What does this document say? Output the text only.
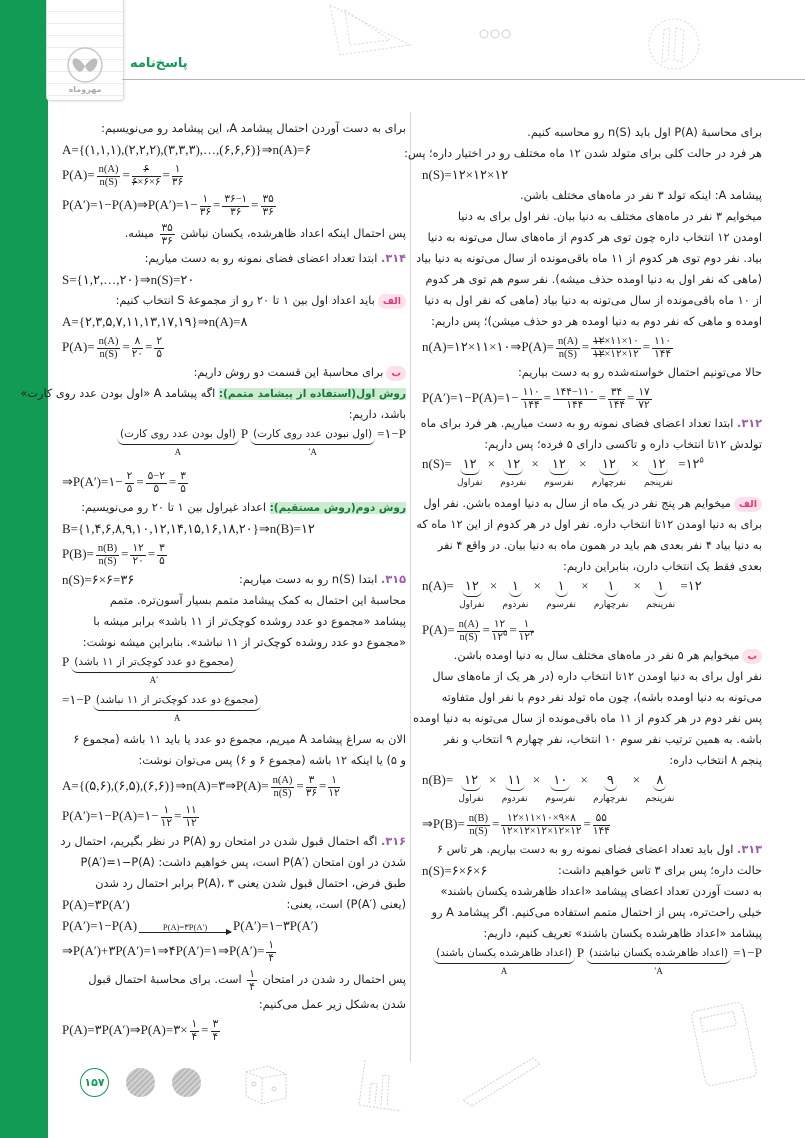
مهروماه
پاسخ‌نامه
برای محاسبهٔ P(A) اول باید n(S) رو محاسبه کنیم.
هر فرد در حالت کلی برای متولد شدن ۱۲ ماه مختلف رو در اختیار داره؛ پس:
n(S)=۱۲×۱۲×۱۲
پیشامد A: اینکه تولد ۳ نفر در ماه‌های مختلف باشن.
میخوایم ۳ نفر در ماه‌های مختلف به دنیا بیان. نفر اول برای به دنیا
اومدن ۱۲ انتخاب داره چون توی هر کدوم از ماه‌های سال می‌تونه به دنیا
بیاد. نفر دوم توی هر کدوم از ۱۱ ماه باقی‌مونده از سال می‌تونه به دنیا بیاد
(ماهی که نفر اول به دنیا اومده حذف میشه). نفر سوم هم توی هر کدوم
از ۱۰ ماه باقی‌مونده از سال می‌تونه به دنیا بیاد (ماهی که نفر اول به دنیا
اومده و ماهی که نفر دوم به دنیا اومده هر دو حذف میشن)؛ پس داریم:
n(A)=۱۲×۱۱×۱۰⇒P(A)= $\frac{n(A)}{n(S)} = \frac{۱۲\times ۱۱\times ۱۰}{۱۲\times ۱۲\times ۱۲} = \frac{۱۱۰}{۱۴۴}$
حالا می‌تونیم احتمال خواسته‌شده رو به دست بیاریم:
P(A′)=۱−P(A)=۱− $\frac{۱۱۰}{۱۴۴} = \frac{۱۴۴-۱۱۰}{۱۴۴} = \frac{۳۴}{۱۴۴} = \frac{۱۷}{۷۲}$
۳۱۲. ابتدا تعداد اعضای فضای نمونه رو به دست میاریم. هر فرد برای ماه
تولدش ۱۲تا انتخاب داره و تاکسی دارای ۵ فرده؛ پس داریم:
n(S)= ۱۲
نفراول
× ۱۲
نفردوم
× ۱۲
نفرسوم
× ۱۲
نفرچهارم
× ۱۲
نفرپنجم
$=۱۲^۵$
الفمیخوایم هر پنج نفر در یک ماه از سال به دنیا اومده باشن. نفر اول
برای به دنیا اومدن ۱۲تا انتخاب داره. نفر اول در هر کدوم از این ۱۲ ماه که
به دنیا بیاد ۴ نفر بعدی هم باید در همون ماه به دنیا بیان. در واقع ۴ نفر
بعدی فقط یک انتخاب دارن، بنابراین داریم:
n(A)= ۱۲
نفراول
× ۱
نفردوم
× ۱
نفرسوم
× ۱
نفرچهارم
× ۱
نفرپنجم
=۱۲
$P(A)= \frac{n(A)}{n(S)} = \frac{۱۲}{۱۲^۵} = \frac{۱}{۱۲^۴}$
بمیخوایم هر ۵ نفر در ماه‌های مختلف سال به دنیا اومده باشن.
نفر اول برای به دنیا اومدن ۱۲تا انتخاب داره (در هر یک از ماه‌های سال
می‌تونه به دنیا اومده باشه)، چون ماه تولد نفر دوم با نفر اول متفاوته
پس نفر دوم در هر کدوم از ۱۱ ماه باقی‌مونده از سال می‌تونه به دنیا اومده
باشه. به همین ترتیب نفر سوم ۱۰ انتخاب، نفر چهارم ۹ انتخاب و نفر
پنجم ۸ انتخاب داره:
n(B)= ۱۲
نفراول
× ۱۱
نفردوم
× ۱۰
نفرسوم
× ۹
نفرچهارم
× ۸
نفرپنجم
⇒P(B)= $\frac{n(B)}{n(S)} = \frac{۱۲\times ۱۱\times ۱۰\times ۹\times ۸}{۱۲\times ۱۲\times ۱۲\times ۱۲\times ۱۲} = \frac{۵۵}{۱۴۴}$
۳۱۳. اول باید تعداد اعضای فضای نمونه رو به دست بیاریم. هر تاس ۶
حالت داره؛ پس برای ۳ تاس خواهیم داشت:
n(S)=۶×۶×۶
به دست آوردن تعداد اعضای پیشامد «اعداد ظاهرشده یکسان باشند»
خیلی راحت‌تره، پس از احتمال متمم استفاده می‌کنیم. اگر پیشامد A رو
پیشامد «اعداد ظاهرشده یکسان باشند» تعریف کنیم، داریم:
P (اعداد ظاهرشده یکسان نباشند)
A′
=۱−P
(اعداد ظاهرشده یکسان باشند)
A
برای به دست آوردن احتمال پیشامد A، این پیشامد رو می‌نویسیم:
A={(۱,۱,۱),(۲,۲,۲),(۳,۳,۳),…,(۶,۶,۶)}⇒n(A)=۶
$P(A)= \frac{n(A)}{n(S)} = \frac{۶}{۶\times ۶\times ۶} = \frac{۱}{۳۶}$
P(A′)=۱−P(A)⇒P(A′)=۱− $\frac{۱}{۳۶} = \frac{۳۶-۱}{۳۶} = \frac{۳۵}{۳۶}$
پس احتمال اینکه اعداد ظاهرشده، یکسان نباشن
$\frac{۳۵}{۳۶}$
میشه.
۳۱۴. ابتدا تعداد اعضای فضای نمونه رو به دست میاریم:
S={۱,۲,…,۲۰}⇒n(S)=۲۰
الفباید اعداد اول بین ۱ تا ۲۰ رو از مجموعهٔ S انتخاب کنیم:
A={۲,۳,۵,۷,۱۱,۱۳,۱۷,۱۹}⇒n(A)=۸
$P(A)= \frac{n(A)}{n(S)} = \frac{۸}{۲۰} = \frac{۲}{۵}$
ببرای محاسبهٔ این قسمت دو روش داریم:
روش اول(استفاده از پیشامد متمم): اگه پیشامد A «اول بودن عدد روی کارت»
باشد، داریم:
P (اول نبودن عدد روی کارت)
A′
=۱−P
(اول بودن عدد روی کارت)
A
⇒P(A′)=۱− $\frac{۲}{۵} = \frac{۵-۲}{۵} = \frac{۳}{۵}$
روش دوم(روش مستقیم): اعداد غیراول بین ۱ تا ۲۰ رو می‌نویسیم:
B={۱,۴,۶,۸,۹,۱۰,۱۲,۱۴,۱۵,۱۶,۱۸,۲۰}⇒n(B)=۱۲
$P(B)= \frac{n(B)}{n(S)} = \frac{۱۲}{۲۰} = \frac{۳}{۵}$
۳۱۵. ابتدا n(S) رو به دست میاریم:
n(S)=۶×۶=۳۶
محاسبهٔ این احتمال به کمک پیشامد متمم بسیار آسون‌تره. متمم
پیشامد «مجموع دو عدد روشده کوچک‌تر از ۱۱ باشد» برابر میشه با
«مجموع دو عدد روشده کوچک‌تر از ۱۱ نباشد». بنابراین میشه نوشت:
P (مجموع دو عدد کوچک‌تر از ۱۱ باشد)
A′
=۱−P (مجموع دو عدد کوچک‌تر از ۱۱ نباشد)
A
الان به سراغ پیشامد A میریم، مجموع دو عدد یا باید ۱۱ باشه (مجموع ۶
و ۵) یا اینکه ۱۲ باشه (مجموع ۶ و ۶) پس می‌توان نوشت:
A={(۵,۶),(۶,۵),(۶,۶)}⇒n(A)=۳⇒P(A)= $\frac{n(A)}{n(S)} = \frac{۳}{۳۶} = \frac{۱}{۱۲}$
P(A′)=۱−P(A)=۱− $\frac{۱}{۱۲} = \frac{۱۱}{۱۲}$
۳۱۶. اگه احتمال قبول شدن در امتحان رو P(A) در نظر بگیریم، احتمال رد
شدن در اون امتحان P(A′) است، پس خواهیم داشت: P(A′)=۱−P(A)
طبق فرض، احتمال قبول شدن یعنی P(A)، ۳ برابر احتمال رد شدن
(یعنی P(A′)) است، یعنی:
P(A)=۳P(A′)
P(A′)=۱−P(A)	P(A)=۳P(A′) P(A′)=۱−۳P(A′)
⇒P(A′)+۳P(A′)=۱⇒۴P(A′)=۱⇒P(A′)= $\frac{۱}{۴}$
پس احتمال رد شدن در امتحان
$\frac{۱}{۴}$
است. برای محاسبهٔ احتمال قبول
شدن به‌شکل زیر عمل می‌کنیم:
P(A)=۳P(A′)⇒P(A)=۳× $\frac{۱}{۴} = \frac{۳}{۴}$
۱۵۷
